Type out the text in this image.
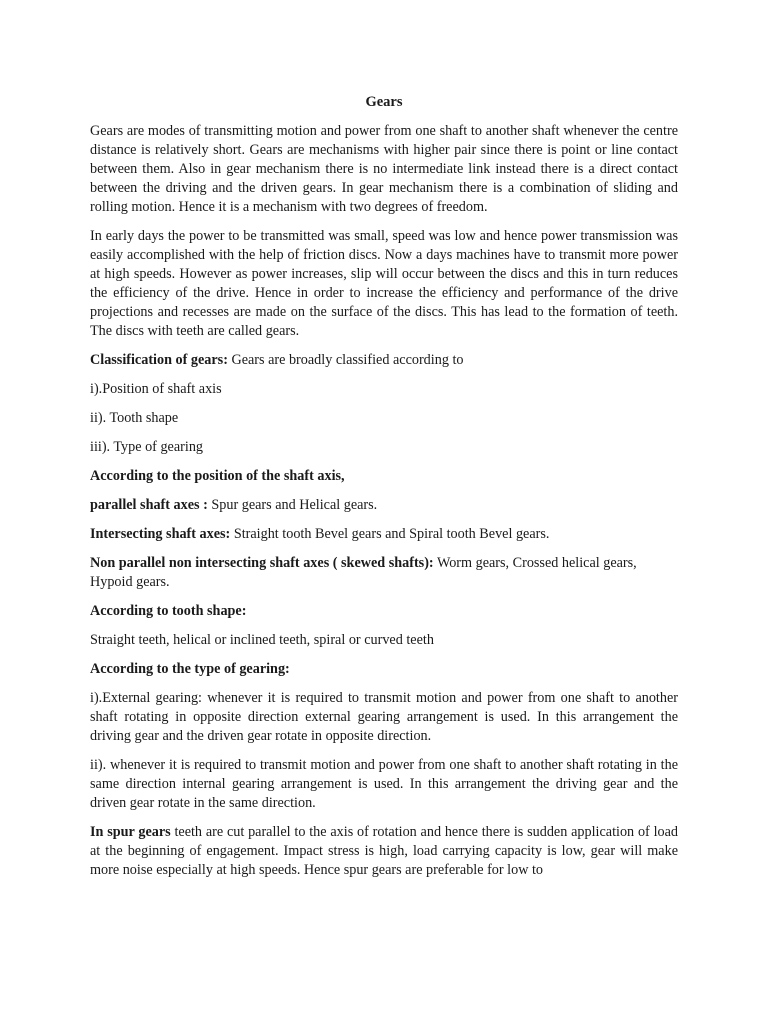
Gears

Gears are modes of transmitting motion and power from one shaft to another shaft whenever the centre distance is relatively short. Gears are mechanisms with higher pair since there is point or line contact between them. Also in gear mechanism there is no intermediate link instead there is a direct contact between the driving and the driven gears. In gear mechanism there is a combination of sliding and rolling motion. Hence it is a mechanism with two degrees of freedom.

In early days the power to be transmitted was small, speed was low and hence power transmission was easily accomplished with the help of friction discs. Now a days machines have to transmit more power at high speeds. However as power increases, slip will occur between the discs and this in turn reduces the efficiency of the drive. Hence in order to increase the efficiency and performance of the drive projections and recesses are made on the surface of the discs. This has lead to the formation of teeth. The discs with teeth are called gears.

Classification of gears: Gears are broadly classified according to

i).Position of shaft axis

ii). Tooth shape

iii). Type of gearing

According to the position of the shaft axis,

parallel shaft axes : Spur gears and Helical gears.

Intersecting shaft axes: Straight tooth Bevel gears and Spiral tooth Bevel gears.

Non parallel non intersecting shaft axes ( skewed shafts): Worm gears, Crossed helical gears, Hypoid gears.

According to tooth shape:

Straight teeth, helical or inclined teeth, spiral or curved teeth

According to the type of gearing:

i).External gearing: whenever it is required to transmit motion and power from one shaft to another shaft rotating in opposite direction external gearing arrangement is used. In this arrangement the driving gear and the driven gear rotate in opposite direction.

ii). whenever it is required to transmit motion and power from one shaft to another shaft rotating in the same direction internal gearing arrangement is used. In this arrangement the driving gear and the driven gear rotate in the same direction.

In spur gears teeth are cut parallel to the axis of rotation and hence there is sudden application of load at the beginning of engagement. Impact stress is high, load carrying capacity is low, gear will make more noise especially at high speeds. Hence spur gears are preferable for low to
